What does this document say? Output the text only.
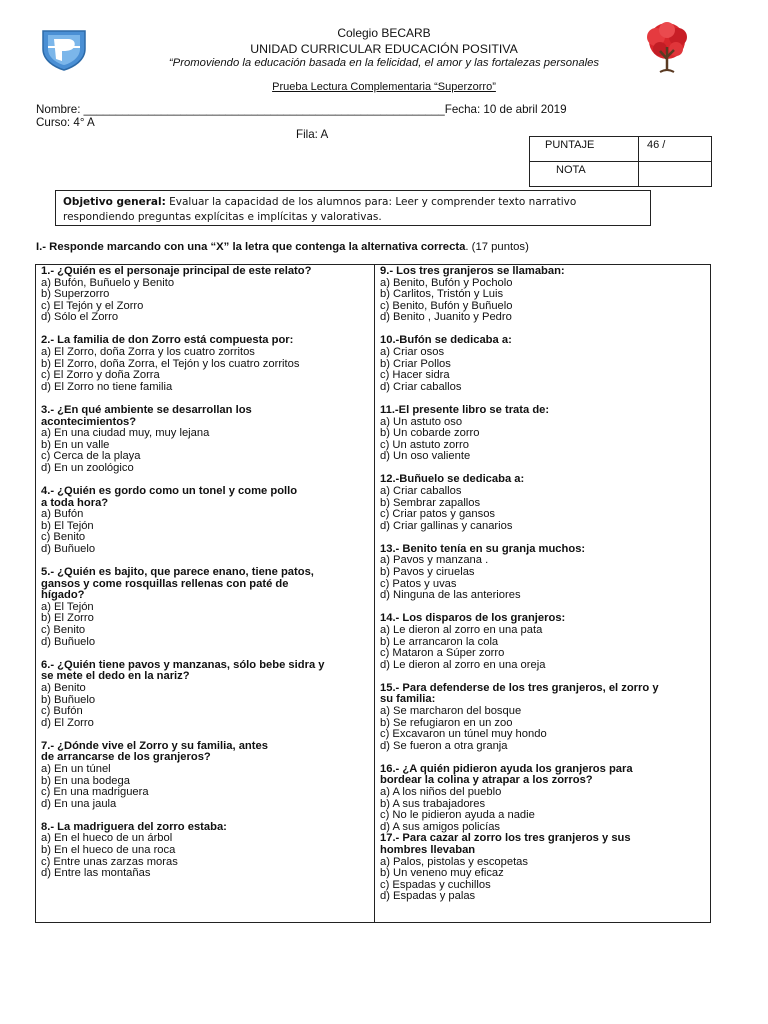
Colegio BECARB
UNIDAD CURRICULAR EDUCACIÓN POSITIVA
“Promoviendo la educación basada en la felicidad, el amor y las fortalezas personales
Prueba Lectura Complementaria “Superzorro”
Nombre: ________________________________________________________Fecha: 10 de abril 2019
Curso: 4° A
Fila: A
PUNTAJE	46 /
NOTA	
Objetivo general: Evaluar la capacidad de los alumnos para: Leer y comprender texto narrativo
respondiendo preguntas explícitas e implícitas y valorativas.
I.- Responde marcando con una “X” la letra que contenga la alternativa correcta. (17 puntos)
1.- ¿Quién es el personaje principal de este relato?
a) Bufón, Buñuelo y Benito
b) Superzorro
c) El Tejón y el Zorro
d) Sólo el Zorro
2.- La familia de don Zorro está compuesta por:
a) El Zorro, doña Zorra y los cuatro zorritos
b) El Zorro, doña Zorra, el Tejón y los cuatro zorritos
c) El Zorro y doña Zorra
d) El Zorro no tiene familia
3.- ¿En qué ambiente se desarrollan los
acontecimientos?
a) En una ciudad muy, muy lejana
b) En un valle
c) Cerca de la playa
d) En un zoológico
4.- ¿Quién es gordo como un tonel y come pollo
a toda hora?
a) Bufón
b) El Tejón
c) Benito
d) Buñuelo
5.- ¿Quién es bajito, que parece enano, tiene patos,
gansos y come rosquillas rellenas con paté de
hígado?
a) El Tejón
b) El Zorro
c) Benito
d) Buñuelo
6.- ¿Quién tiene pavos y manzanas, sólo bebe sidra y
se mete el dedo en la nariz?
a) Benito
b) Buñuelo
c) Bufón
d) El Zorro
7.- ¿Dónde vive el Zorro y su familia, antes
de arrancarse de los granjeros?
a) En un túnel
b) En una bodega
c) En una madriguera
d) En una jaula
8.- La madriguera del zorro estaba:
a) En el hueco de un árbol
b) En el hueco de una roca
c) Entre unas zarzas moras
d) Entre las montañas
9.- Los tres granjeros se llamaban:
a) Benito, Bufón y Pocholo
b) Carlitos, Tristón y Luis
c) Benito, Bufón y Buñuelo
d) Benito , Juanito y Pedro
10.-Bufón se dedicaba a:
a) Criar osos
b) Criar Pollos
c) Hacer sidra
d) Criar caballos
11.-El presente libro se trata de:
a) Un astuto oso
b) Un cobarde zorro
c) Un astuto zorro
d) Un oso valiente
12.-Buñuelo se dedicaba a:
a) Criar caballos
b) Sembrar zapallos
c) Criar patos y gansos
d) Criar gallinas y canarios
13.- Benito tenía en su granja muchos:
a) Pavos y manzana .
b) Pavos y ciruelas
c) Patos y uvas
d) Ninguna de las anteriores
14.- Los disparos de los granjeros:
a) Le dieron al zorro en una pata
b) Le arrancaron la cola
c) Mataron a Súper zorro
d) Le dieron al zorro en una oreja
15.- Para defenderse de los tres granjeros, el zorro y
su familia:
a) Se marcharon del bosque
b) Se refugiaron en un zoo
c) Excavaron un túnel muy hondo
d) Se fueron a otra granja
16.- ¿A quién pidieron ayuda los granjeros para
bordear la colina y atrapar a los zorros?
a) A los niños del pueblo
b) A sus trabajadores
c) No le pidieron ayuda a nadie
d) A sus amigos policías
17.- Para cazar al zorro los tres granjeros y sus
hombres llevaban
a) Palos, pistolas y escopetas
b) Un veneno muy eficaz
c) Espadas y cuchillos
d) Espadas y palas
